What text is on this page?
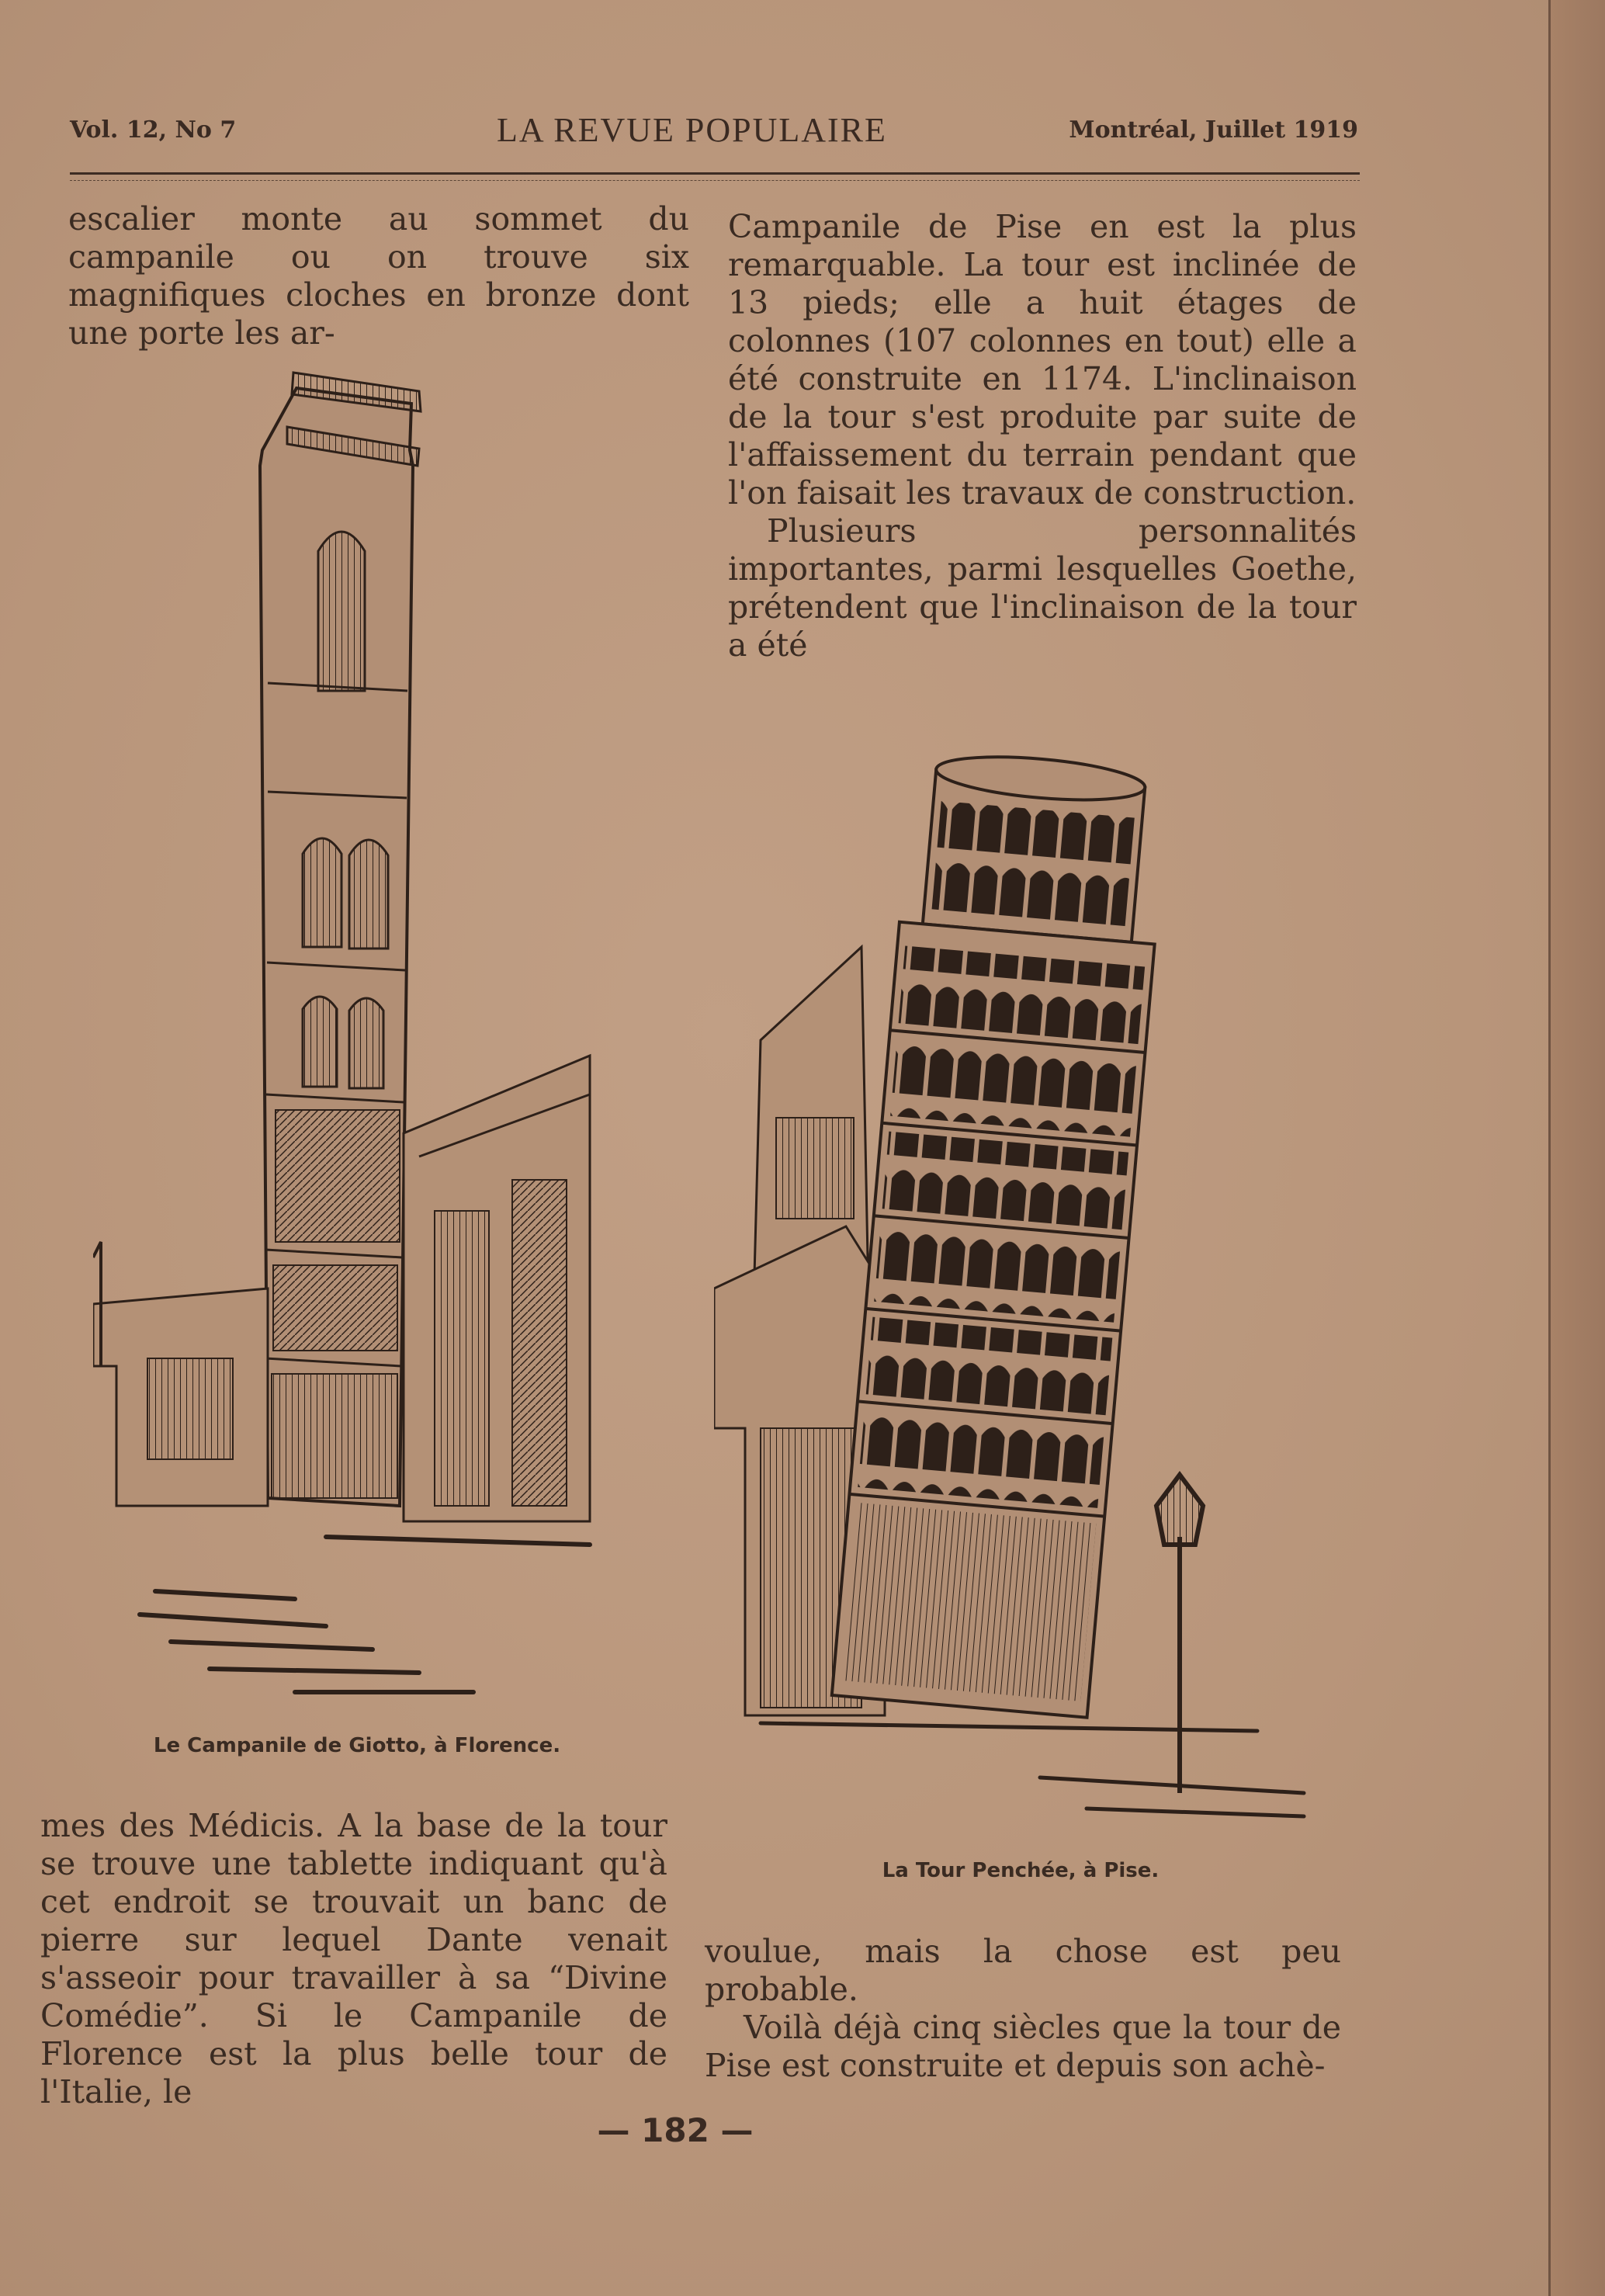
Vol. 12, No 7	LA REVUE POPULAIRE	Montréal, Juillet 1919

escalier monte au sommet du campanile ou on trouve six magnifiques cloches en bronze dont une porte les ar-

Campanile de Pise en est la plus remarquable. La tour est inclinée de 13 pieds; elle a huit étages de colonnes (107 colonnes en tout) elle a été construite en 1174. L'inclinaison de la tour s'est produite par suite de l'affaissement du terrain pendant que l'on faisait les travaux de construction.

Plusieurs personnalités importantes, parmi lesquelles Goethe, prétendent que l'inclinaison de la tour a été

Le Campanile de Giotto, à Florence.
La Tour Penchée, à Pise.

mes des Médicis. A la base de la tour se trouve une tablette indiquant qu'à cet endroit se trouvait un banc de pierre sur lequel Dante venait s'asseoir pour travailler à sa “Divine Comédie”. Si le Campanile de Florence est la plus belle tour de l'Italie, le

voulue, mais la chose est peu probable.

Voilà déjà cinq siècles que la tour de Pise est construite et depuis son achè-

— 182 —
